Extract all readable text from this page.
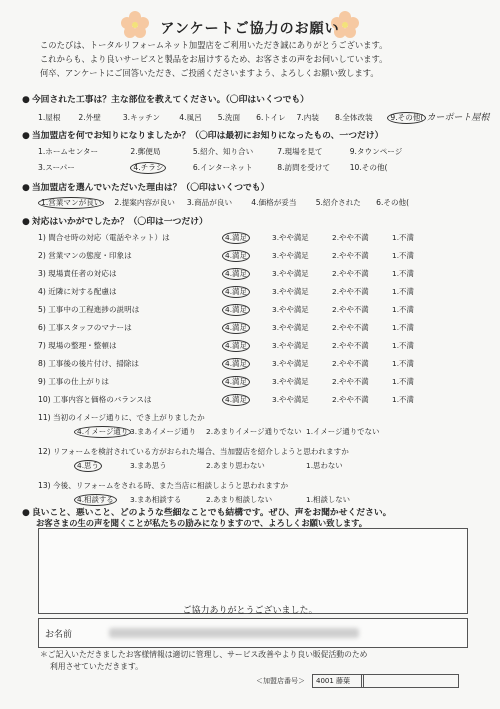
アンケートご協力のお願い
このたびは、トータルリフォームネット加盟店をご利用いただき誠にありがとうございます。
これからも、より良いサービスと製品をお届けするため、お客さまの声をお伺いしています。
何卒、アンケートにご回答いただき、ご投函くださいますよう、よろしくお願い致します。
● 今回された工事は？主な部位を教えてください。（〇印はいくつでも）
1.屋根 2.外壁	3.キッチン	4.風呂 5.洗面 6.トイレ 7.内装 8.全体改装 9.その他( カーポート屋根
● 当加盟店を何でお知りになりましたか？（〇印は最初にお知りになったもの、一つだけ）
1.ホームセンター	2.郵便局	5.紹介、知り合い	7.現場を見て	9.タウンページ
3.スーパー	4.チラシ	6.インターネット	8.訪問を受けて	10.その他(
● 当加盟店を選んでいただいた理由は？（〇印はいくつでも）
1.営業マンが良い 2.提案内容が良い 3.商品が良い	4.価格が妥当	5.紹介された 6.その他(
● 対応はいかがでしたか？（〇印は一つだけ）
1) 間合せ時の対応（電話やネット）は	4.満足	3.やや満足	2.やや不満	1.不満
2) 営業マンの態度・印象は	4.満足	3.やや満足	2.やや不満	1.不満
3) 現場責任者の対応は	4.満足	3.やや満足	2.やや不満	1.不満
4) 近隣に対する配慮は	4.満足	3.やや満足	2.やや不満	1.不満
5) 工事中の工程進捗の説明は	4.満足	3.やや満足	2.やや不満	1.不満
6) 工事スタッフのマナーは	4.満足	3.やや満足	2.やや不満	1.不満
7) 現場の整理・整頓は	4.満足	3.やや満足	2.やや不満	1.不満
8) 工事後の後片付け、掃除は	4.満足	3.やや満足	2.やや不満	1.不満
9) 工事の仕上がりは	4.満足	3.やや満足	2.やや不満	1.不満
10) 工事内容と価格のバランスは	4.満足	3.やや満足	2.やや不満	1.不満
11) 当初のイメージ通りに、でき上がりましたか
4.イメージ通り 3.まあイメージ通り 2.あまりイメージ通りでない 1.イメージ通りでない
12) リフォームを検討されている方がおられた場合、当加盟店を紹介しようと思われますか
4.思う	3.まあ思う	2.あまり思わない	1.思わない
13) 今後、リフォームをされる時、また当店に相談しようと思われますか
4.相談する	3.まあ相談する	2.あまり相談しない	1.相談しない
● 良いこと、悪いこと、どのような些細なことでも結構です。ぜひ、声をお聞かせください。
お客さまの生の声を聞くことが私たちの励みになりますので、よろしくお願い致します。
ご協力ありがとうございました。
お名前
＊ご記入いただきましたお客様情報は適切に管理し、サービス改善やより良い販促活動のため
利用させていただきます。
＜加盟店番号＞	4001 藤葉
